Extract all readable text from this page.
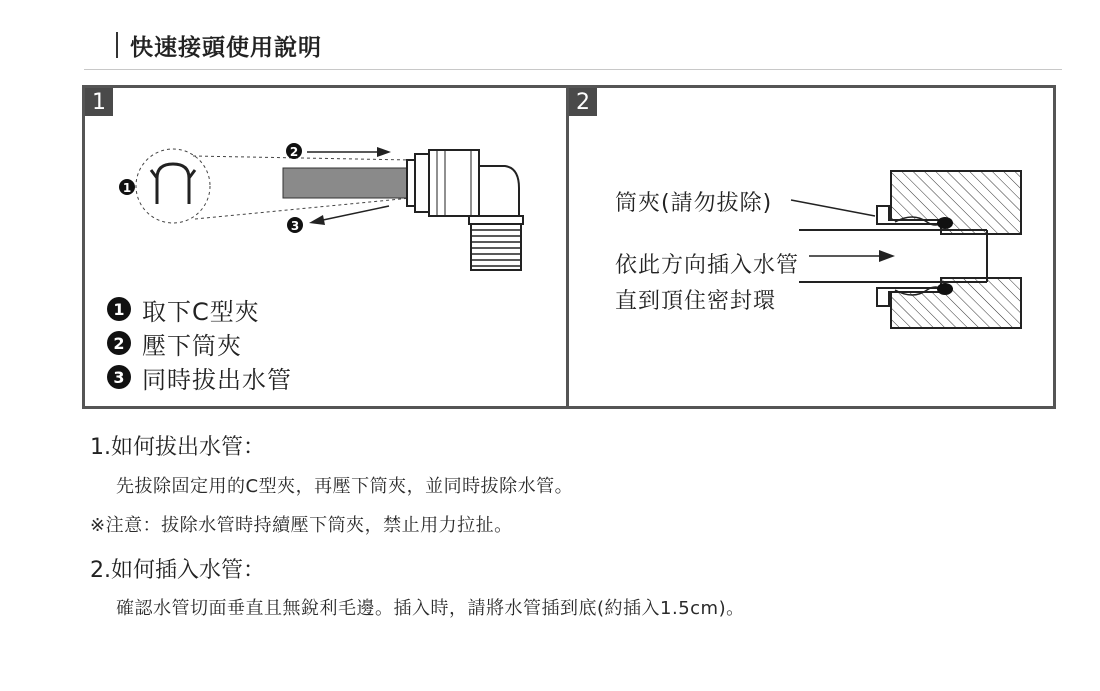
快速接頭使用說明
1
1
2
3
1 取下C型夾
2 壓下筒夾
3 同時拔出水管
2
筒夾(請勿拔除)
依此方向插入水管
直到頂住密封環
1.如何拔出水管：
先拔除固定用的C型夾，再壓下筒夾，並同時拔除水管。
※注意：拔除水管時持續壓下筒夾，禁止用力拉扯。
2.如何插入水管：
確認水管切面垂直且無銳利毛邊。插入時，請將水管插到底(約插入1.5cm)。
